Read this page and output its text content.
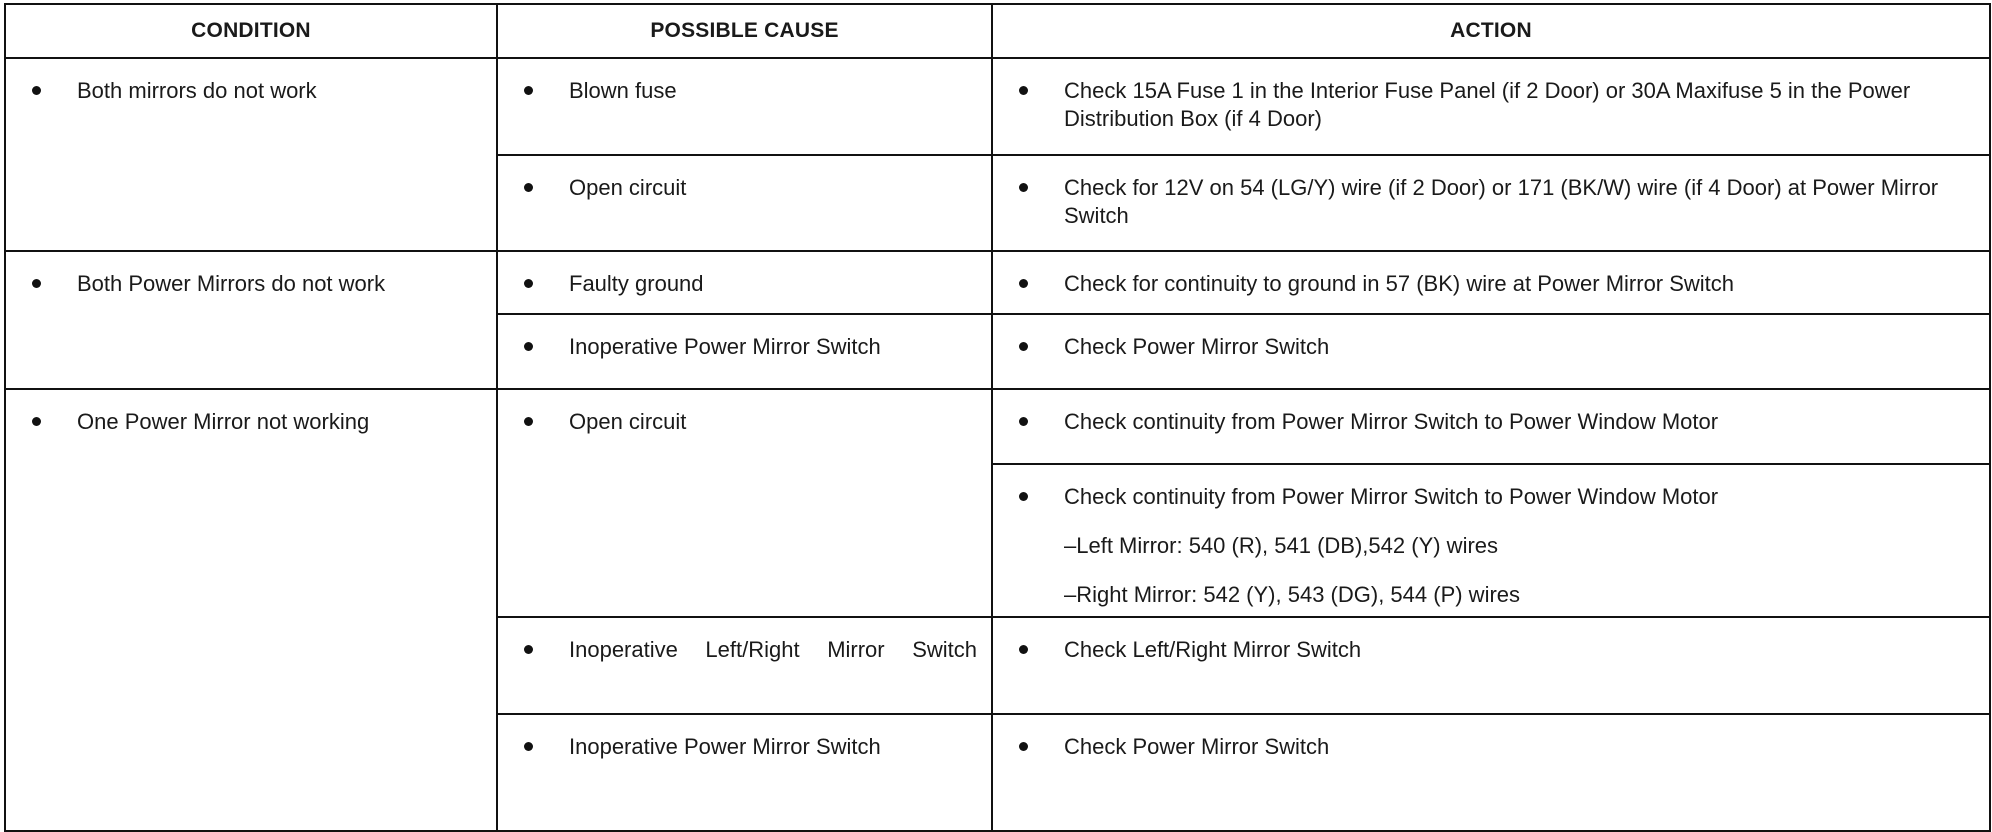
CONDITION	POSSIBLE CAUSE	ACTION

Both mirrors do not work	Blown fuse	Check 15A Fuse 1 in the Interior Fuse Panel (if 2 Door) or 30A Maxifuse 5 in the Power Distribution Box (if 4 Door)

	Open circuit	Check for 12V on 54 (LG/Y) wire (if 2 Door) or 171 (BK/W) wire (if 4 Door) at Power Mirror Switch

Both Power Mirrors do not work	Faulty ground	Check for continuity to ground in 57 (BK) wire at Power Mirror Switch

	Inoperative Power Mirror Switch	Check Power Mirror Switch

One Power Mirror not working	Open circuit	Check continuity from Power Mirror Switch to Power Window Motor

		Check continuity from Power Mirror Switch to Power Window Motor
–Left Mirror: 540 (R), 541 (DB),542 (Y) wires
–Right Mirror: 542 (Y), 543 (DG), 544 (P) wires

	Inoperative Left/Right Mirror Switch	Check Left/Right Mirror Switch

	Inoperative Power Mirror Switch	Check Power Mirror Switch
